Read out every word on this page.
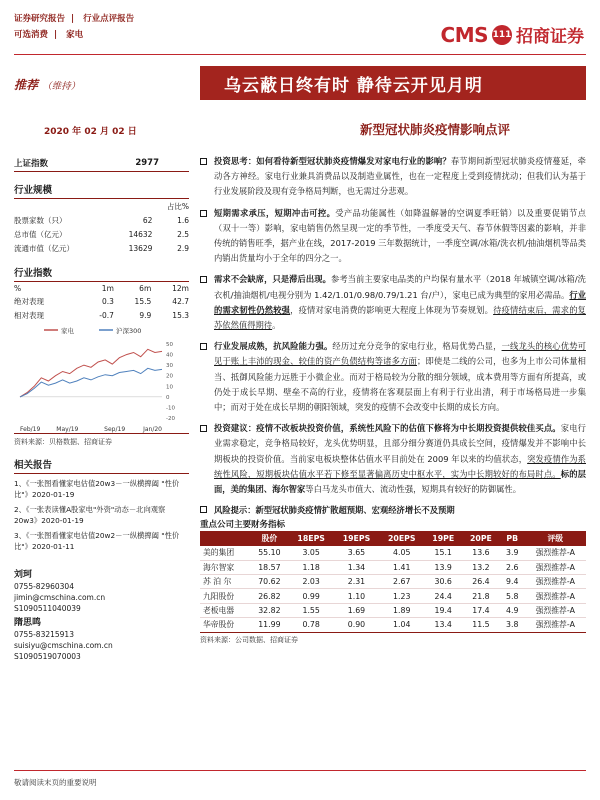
证券研究报告 | 行业点评报告
可选消费 | 家电	CMS 111 招商证券
推荐 （维持）	乌云蔽日终有时 静待云开见月明
2020 年 02 月 02 日	新型冠状肺炎疫情影响点评
上证指数	2977
行业规模
		占比%
股票家数（只）	62	1.6
总市值（亿元）	14632	2.5
流通市值（亿元）	13629	2.9
行业指数
%	1m	6m	12m
绝对表现	0.3	15.5	42.7
相对表现	-0.7	9.9	15.3
家电	沪深300
50
40
30
20
10
0
-10
-20
Feb/19	May/19	Sep/19	Jan/20
资料来源：贝格数据、招商证券
相关报告
1、《一张图看懂家电估值20w3－一纵横捭阖 "性价比"》2020-01-19
2、《一张表读懂A股家电"外资"动态－北向观察 20w3》2020-01-19
3、《一张图看懂家电估值20w2－一纵横捭阖 "性价比"》2020-01-11
刘珂
0755-82960304
jimin@cmschina.com.cn
S1090511040039
隋思鸣
0755-83215913
suisiyu@cmschina.com.cn
S1090519070003
投资思考：如何看待新型冠状肺炎疫情爆发对家电行业的影响？春节期间新型冠状肺炎疫情蔓延，牵动各方神经。家电行业兼具消费品以及制造业属性，也在一定程度上受到疫情扰动；但我们认为基于行业发展阶段及现有竞争格局判断，也无需过分悲观。
短期需求承压，短期冲击可控。受产品功能属性（如降温解暑的空调夏季旺销）以及重要促销节点（双十一等）影响，家电销售仍然呈现一定的季节性，一季度受天气、春节休假等因素的影响，并非传统的销售旺季，据产业在线，2017-2019 三年数据统计，一季度空调/冰箱/洗衣机/抽油烟机等品类内销出货量均小于全年的四分之一。
需求不会缺席，只是滞后出现。参考当前主要家电品类的户均保有量水平（2018 年城镇空调/冰箱/洗衣机/抽油烟机/电视分别为 1.42/1.01/0.98/0.79/1.21 台/户），家电已成为典型的家用必需品。行业的需求韧性仍然较强，疫情对家电消费的影响更大程度上体现为节奏规划。待疫情结束后，需求的复苏依然值得期待。
行业发展成熟，抗风险能力强。经历过充分竞争的家电行业，格局优势凸显，一线龙头的核心优势可见于账上丰沛的现金、较佳的资产负债结构等诸多方面；即使是二线的公司，也多为上市公司体量相当、抵御风险能力远胜于小微企业。而对于格局较为分散的细分领域，成本费用等方面有所提高，或仍处于成长早期、壁垒不高的行业，疫情将在客观层面上有利于行业出清，利于市场格局进一步集中；而对于处在成长早期的朝阳领域，突发的疫情不会改变中长期的成长方向。
投资建议：疫情不改板块投资价值，系统性风险下的估值下修将为中长期投资提供较佳买点。家电行业需求稳定，竞争格局较好，龙头优势明显，且部分细分赛道仍具成长空间，疫情爆发并不影响中长期板块的投资价值。当前家电板块整体估值水平目前处在 2009 年以来的均值状态，突发疫情作为系统性风险，短期板块估值水平若下修至显著偏离历史中枢水平，实为中长期较好的布局时点。标的层面，美的集团、海尔智家等白马龙头市值大、流动性强，短期具有较好的防御属性。
风险提示：新型冠状肺炎疫情扩散超预期、宏观经济增长不及预期
重点公司主要财务指标
	股价	18EPS	19EPS	20EPS	19PE	20PE	PB	评级
美的集团	55.10	3.05	3.65	4.05	15.1	13.6	3.9	强烈推荐-A
海尔智家	18.57	1.18	1.34	1.41	13.9	13.2	2.6	强烈推荐-A
苏 泊 尔	70.62	2.03	2.31	2.67	30.6	26.4	9.4	强烈推荐-A
九阳股份	26.82	0.99	1.10	1.23	24.4	21.8	5.8	强烈推荐-A
老板电器	32.82	1.55	1.69	1.89	19.4	17.4	4.9	强烈推荐-A
华帝股份	11.99	0.78	0.90	1.04	13.4	11.5	3.8	强烈推荐-A
资料来源：公司数据、招商证券
敬请阅读末页的重要说明
